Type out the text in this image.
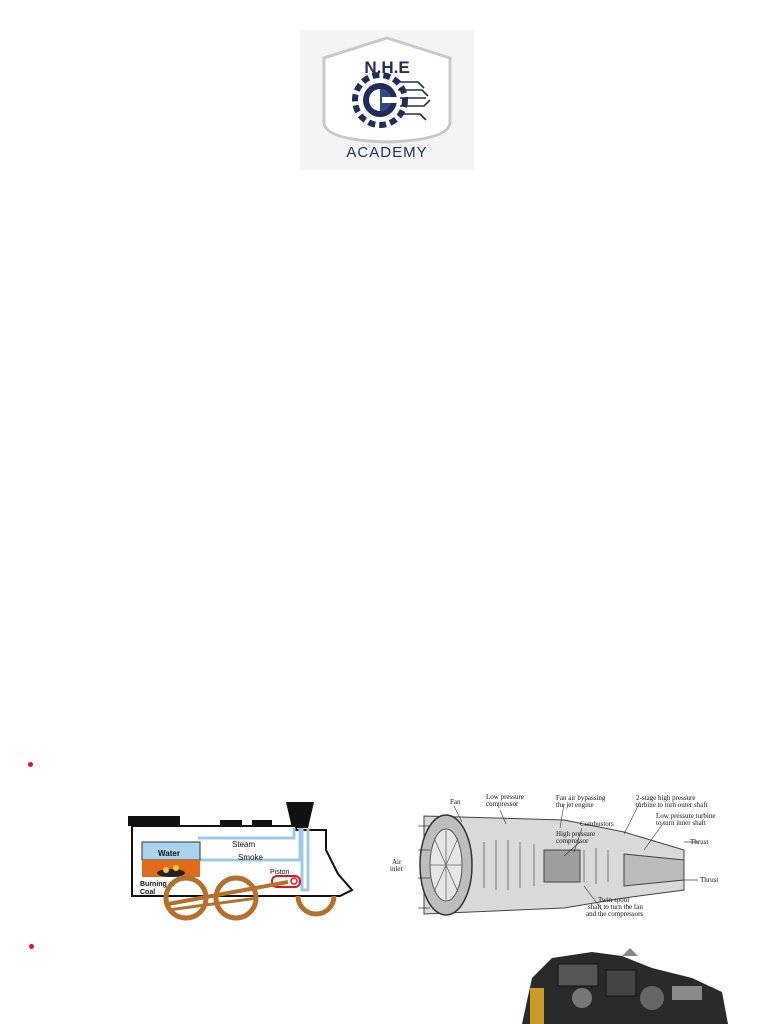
N.H.E
ACADEMY
Water
Steam
Smoke
Burning
Coal
Piston
Fan
Low pressure
compressor
Fan air bypassing
the jet engine
2-stage high pressure
turbine to turn outer shaft
Low pressure turbine
to turn inner shaft
Combustors
High pressure
compressor	Thrust
Thrust
Air
inlet
Twin spool
shaft to turn the fan
and the compressors
